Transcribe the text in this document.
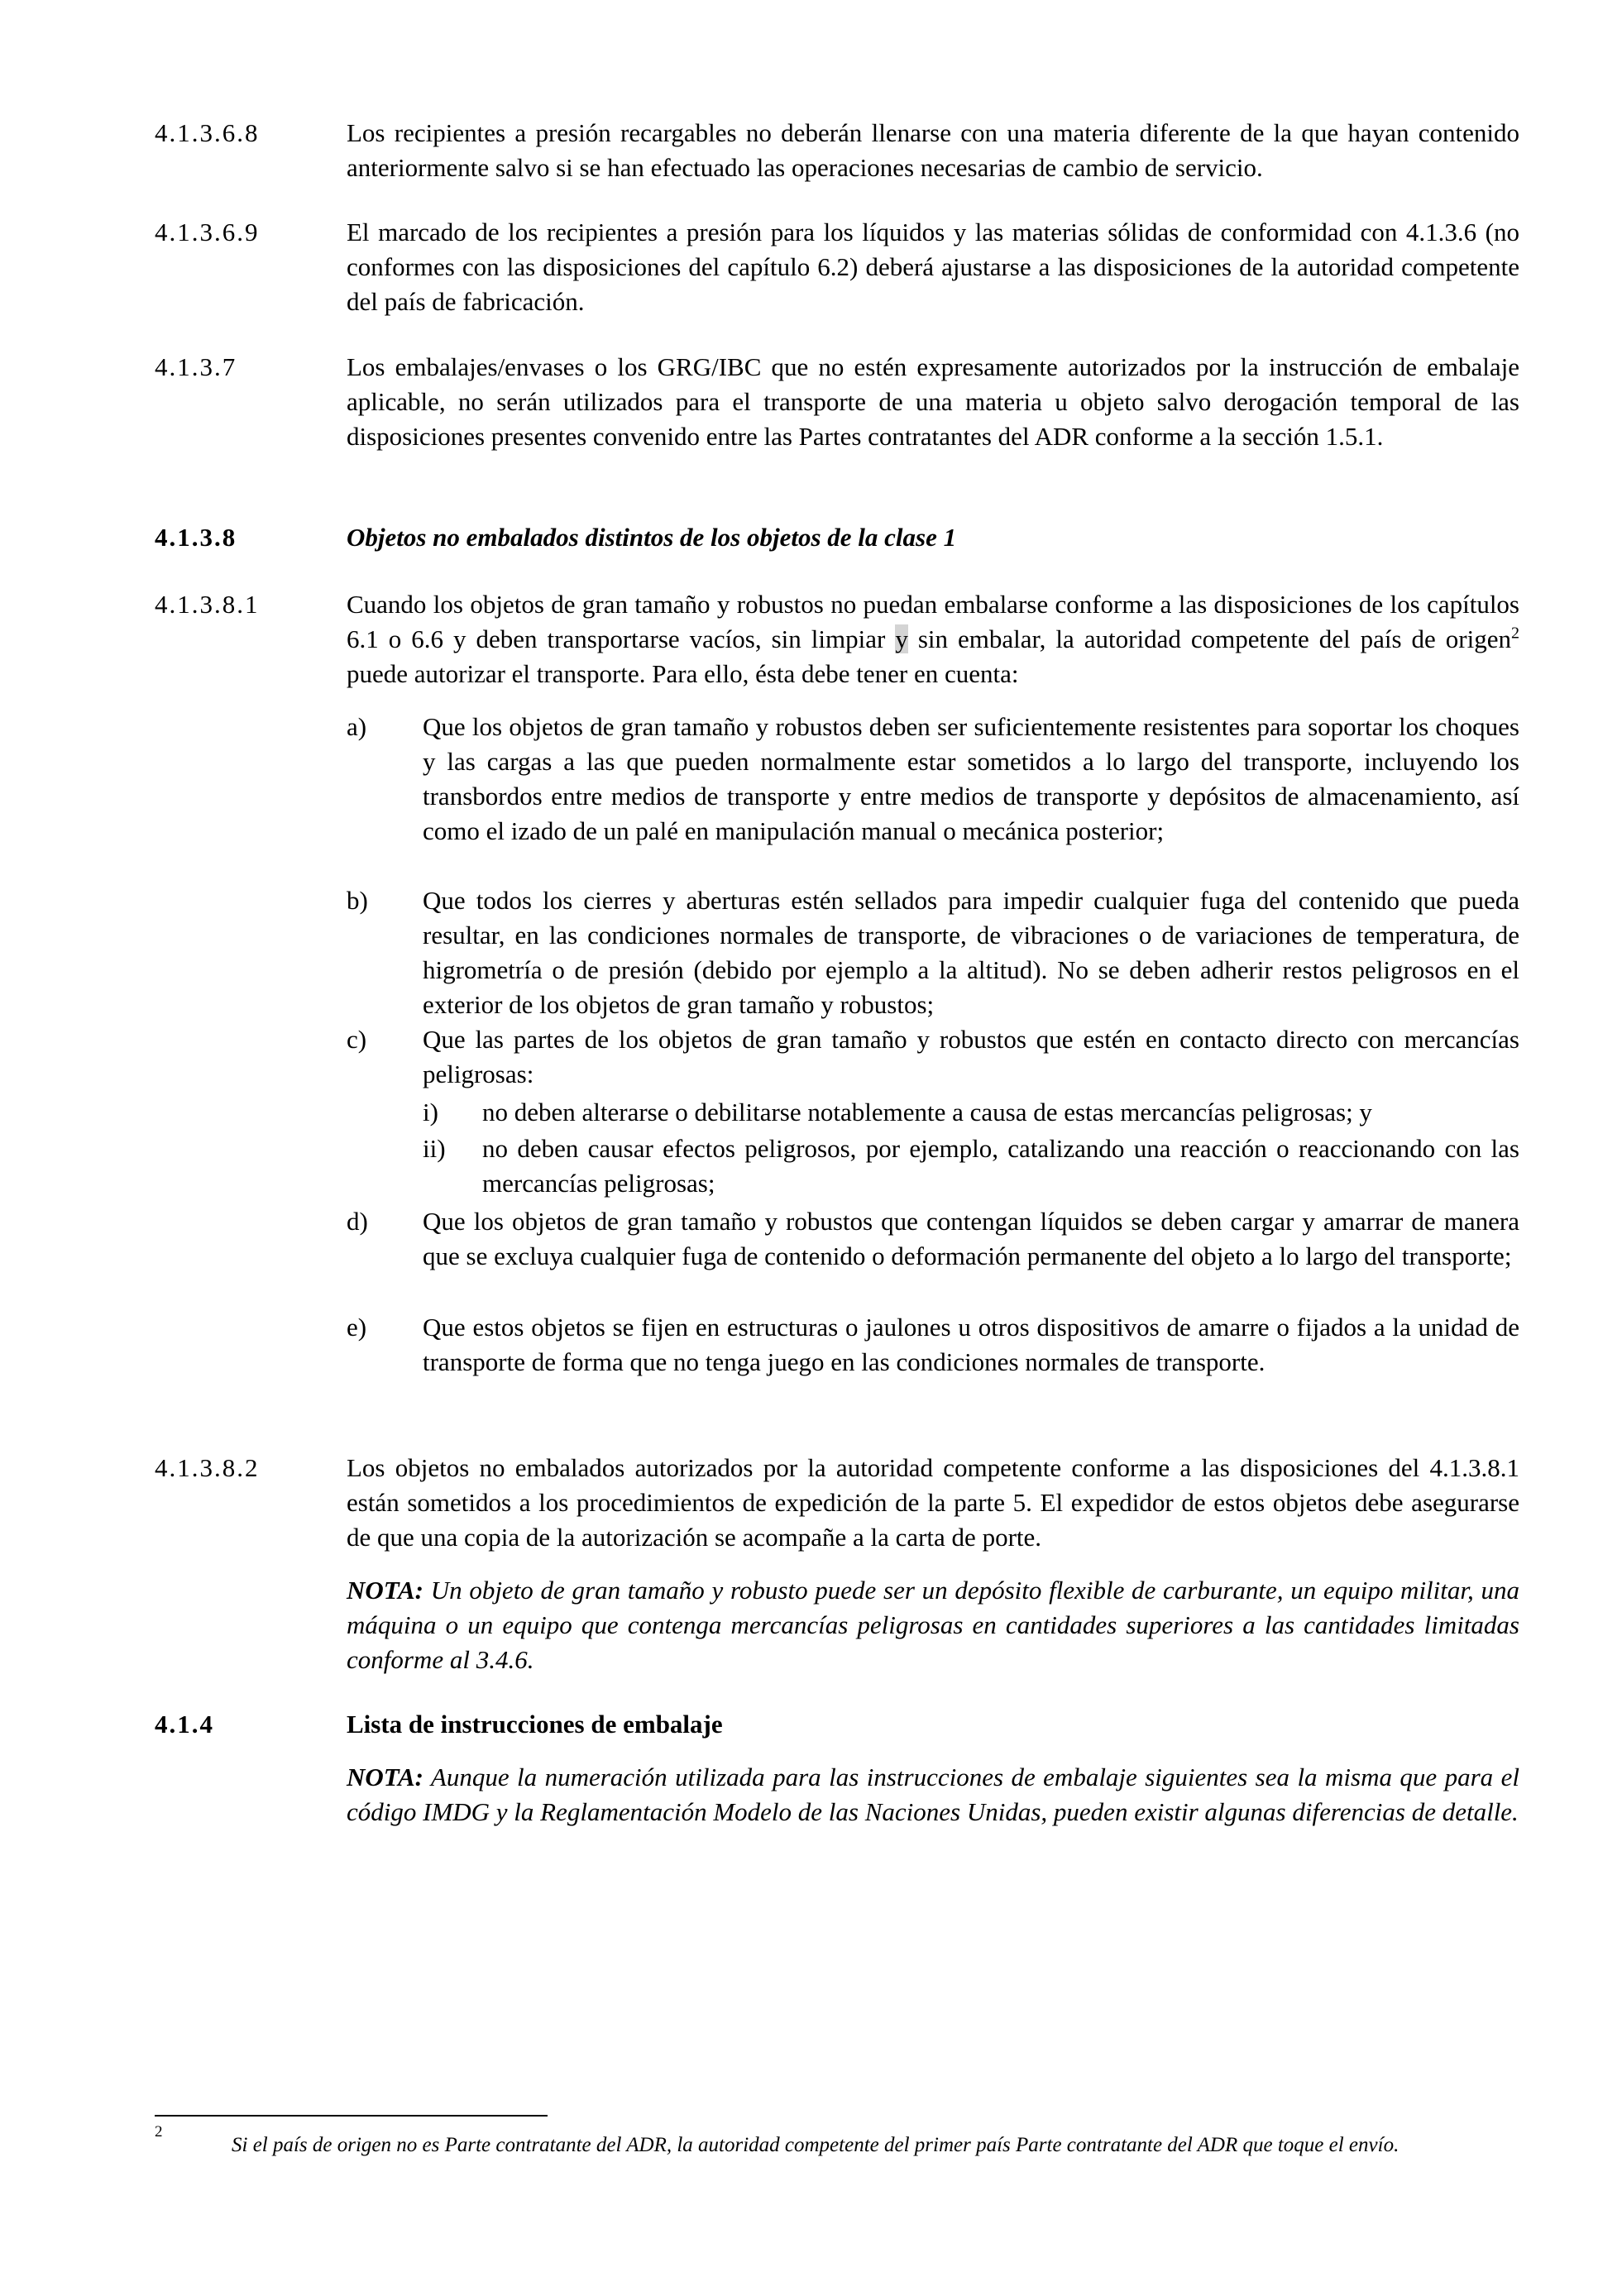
4.1.3.6.8	Los recipientes a presión recargables no deberán llenarse con una materia diferente de la que hayan contenido anteriormente salvo si se han efectuado las operaciones necesarias de cambio de servicio.
4.1.3.6.9	El marcado de los recipientes a presión para los líquidos y las materias sólidas de conformidad con 4.1.3.6 (no conformes con las disposiciones del capítulo 6.2) deberá ajustarse a las disposiciones de la autoridad competente del país de fabricación.
4.1.3.7	Los embalajes/envases o los GRG/IBC que no estén expresamente autorizados por la instrucción de embalaje aplicable, no serán utilizados para el transporte de una materia u objeto salvo derogación temporal de las disposiciones presentes convenido entre las Partes contratantes del ADR conforme a la sección 1.5.1.
4.1.3.8	Objetos no embalados distintos de los objetos de la clase 1
4.1.3.8.1	Cuando los objetos de gran tamaño y robustos no puedan embalarse conforme a las disposiciones de los capítulos 6.1 o 6.6 y deben transportarse vacíos, sin limpiar y sin embalar, la autoridad competente del país de origen$^2$ puede autorizar el transporte. Para ello, ésta debe tener en cuenta:
a)	Que los objetos de gran tamaño y robustos deben ser suficientemente resistentes para soportar los choques y las cargas a las que pueden normalmente estar sometidos a lo largo del transporte, incluyendo los transbordos entre medios de transporte y entre medios de transporte y depósitos de almacenamiento, así como el izado de un palé en manipulación manual o mecánica posterior;
b)	Que todos los cierres y aberturas estén sellados para impedir cualquier fuga del contenido que pueda resultar, en las condiciones normales de transporte, de vibraciones o de variaciones de temperatura, de higrometría o de presión (debido por ejemplo a la altitud). No se deben adherir restos peligrosos en el exterior de los objetos de gran tamaño y robustos;
c)	Que las partes de los objetos de gran tamaño y robustos que estén en contacto directo con mercancías peligrosas:
i)	no deben alterarse o debilitarse notablemente a causa de estas mercancías peligrosas; y
ii)	no deben causar efectos peligrosos, por ejemplo, catalizando una reacción o reaccionando con las mercancías peligrosas;
d)	Que los objetos de gran tamaño y robustos que contengan líquidos se deben cargar y amarrar de manera que se excluya cualquier fuga de contenido o deformación permanente del objeto a lo largo del transporte;
e)	Que estos objetos se fijen en estructuras o jaulones u otros dispositivos de amarre o fijados a la unidad de transporte de forma que no tenga juego en las condiciones normales de transporte.
4.1.3.8.2	Los objetos no embalados autorizados por la autoridad competente conforme a las disposiciones del 4.1.3.8.1 están sometidos a los procedimientos de expedición de la parte 5. El expedidor de estos objetos debe asegurarse de que una copia de la autorización se acompañe a la carta de porte.
NOTA: Un objeto de gran tamaño y robusto puede ser un depósito flexible de carburante, un equipo militar, una máquina o un equipo que contenga mercancías peligrosas en cantidades superiores a las cantidades limitadas conforme al 3.4.6.
4.1.4	Lista de instrucciones de embalaje
NOTA: Aunque la numeración utilizada para las instrucciones de embalaje siguientes sea la misma que para el código IMDG y la Reglamentación Modelo de las Naciones Unidas, pueden existir algunas diferencias de detalle.
2
Si el país de origen no es Parte contratante del ADR, la autoridad competente del primer país Parte contratante del ADR que toque el envío.
